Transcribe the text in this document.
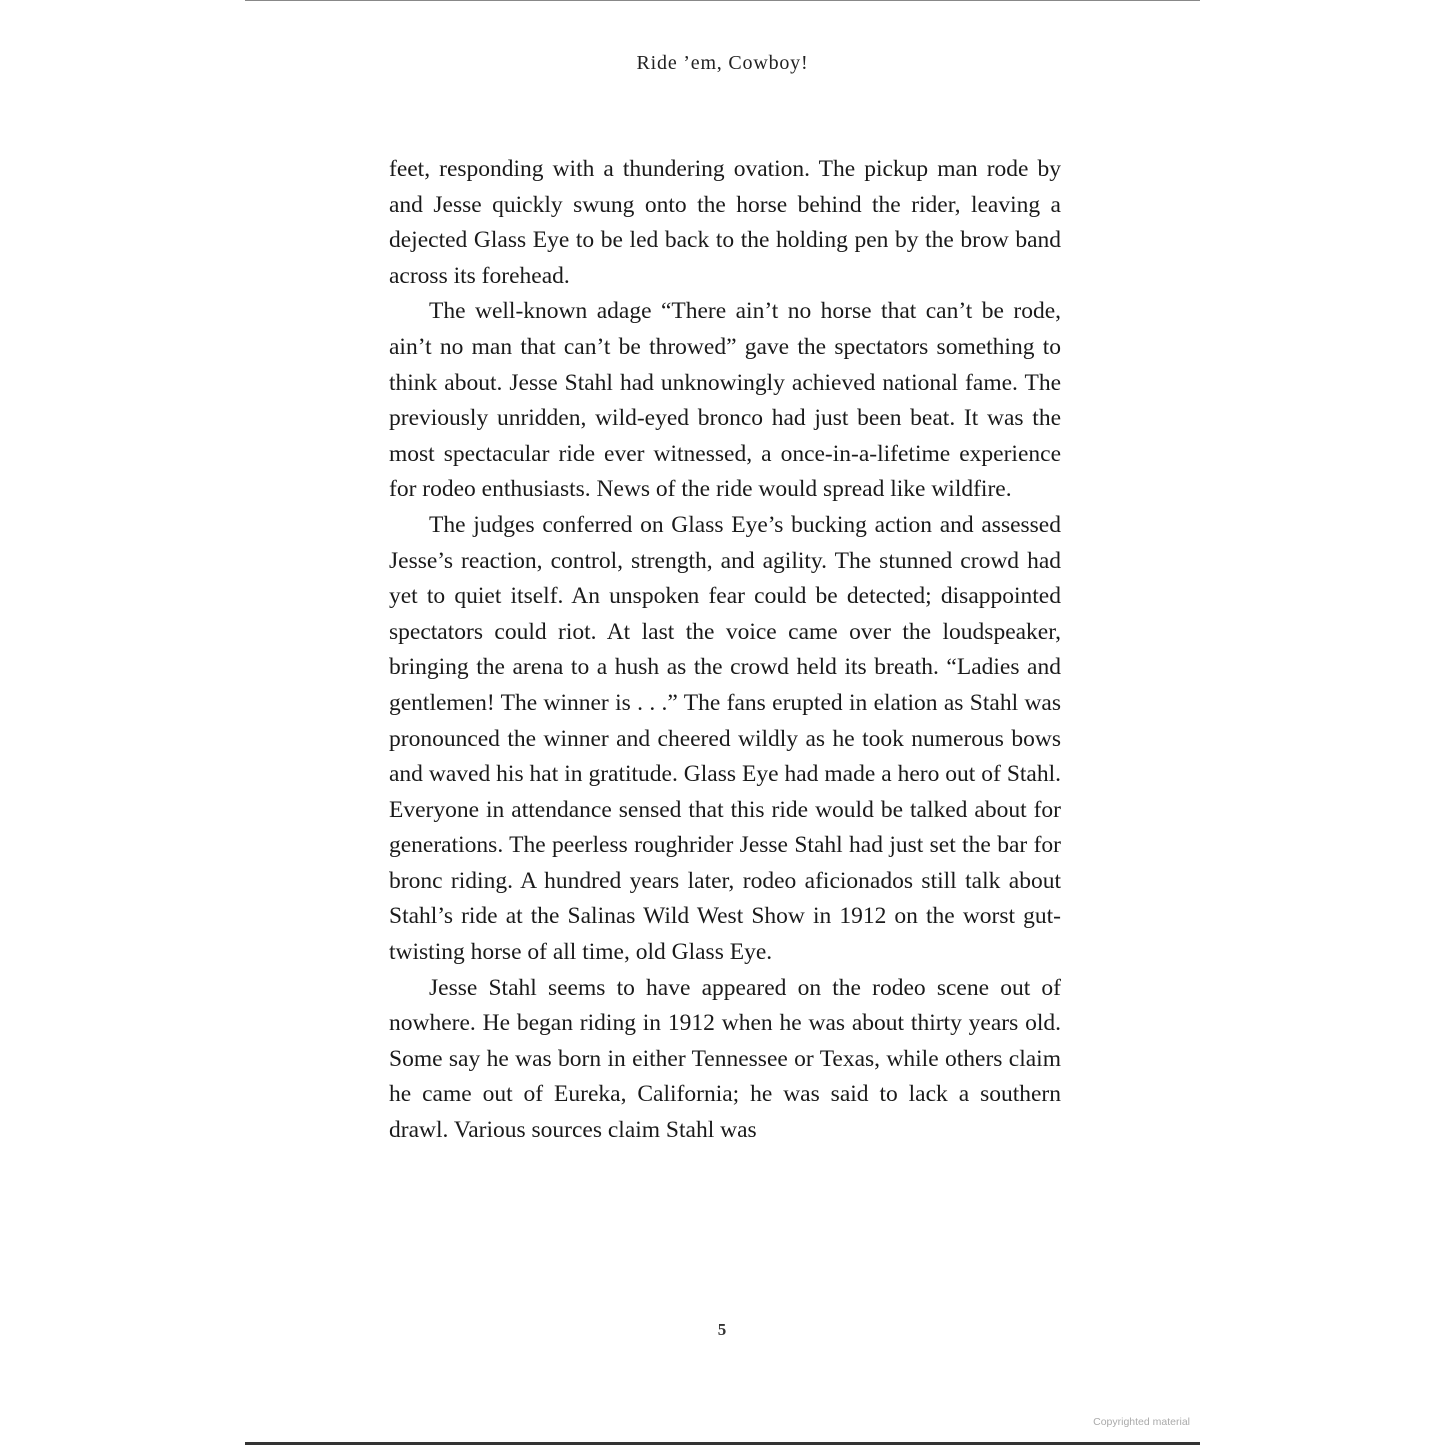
Ride ’em, Cowboy!

feet, responding with a thundering ovation. The pickup man rode by and Jesse quickly swung onto the horse behind the rider, leaving a dejected Glass Eye to be led back to the holding pen by the brow band across its forehead.

The well-known adage “There ain’t no horse that can’t be rode, ain’t no man that can’t be throwed” gave the spectators something to think about. Jesse Stahl had unknowingly achieved national fame. The previously unridden, wild-eyed bronco had just been beat. It was the most spectacular ride ever witnessed, a once-in-a-lifetime experience for rodeo enthusiasts. News of the ride would spread like wildfire.

The judges conferred on Glass Eye’s bucking action and assessed Jesse’s reaction, control, strength, and agility. The stunned crowd had yet to quiet itself. An unspoken fear could be detected; disappointed spectators could riot. At last the voice came over the loudspeaker, bringing the arena to a hush as the crowd held its breath. “Ladies and gentlemen! The winner is . . .” The fans erupted in elation as Stahl was pronounced the winner and cheered wildly as he took numerous bows and waved his hat in gratitude. Glass Eye had made a hero out of Stahl. Everyone in attendance sensed that this ride would be talked about for generations. The peerless roughrider Jesse Stahl had just set the bar for bronc riding. A hundred years later, rodeo aficionados still talk about Stahl’s ride at the Salinas Wild West Show in 1912 on the worst gut-twisting horse of all time, old Glass Eye.

Jesse Stahl seems to have appeared on the rodeo scene out of nowhere. He began riding in 1912 when he was about thirty years old. Some say he was born in either Tennessee or Texas, while others claim he came out of Eureka, California; he was said to lack a southern drawl. Various sources claim Stahl was

5
Copyrighted material
